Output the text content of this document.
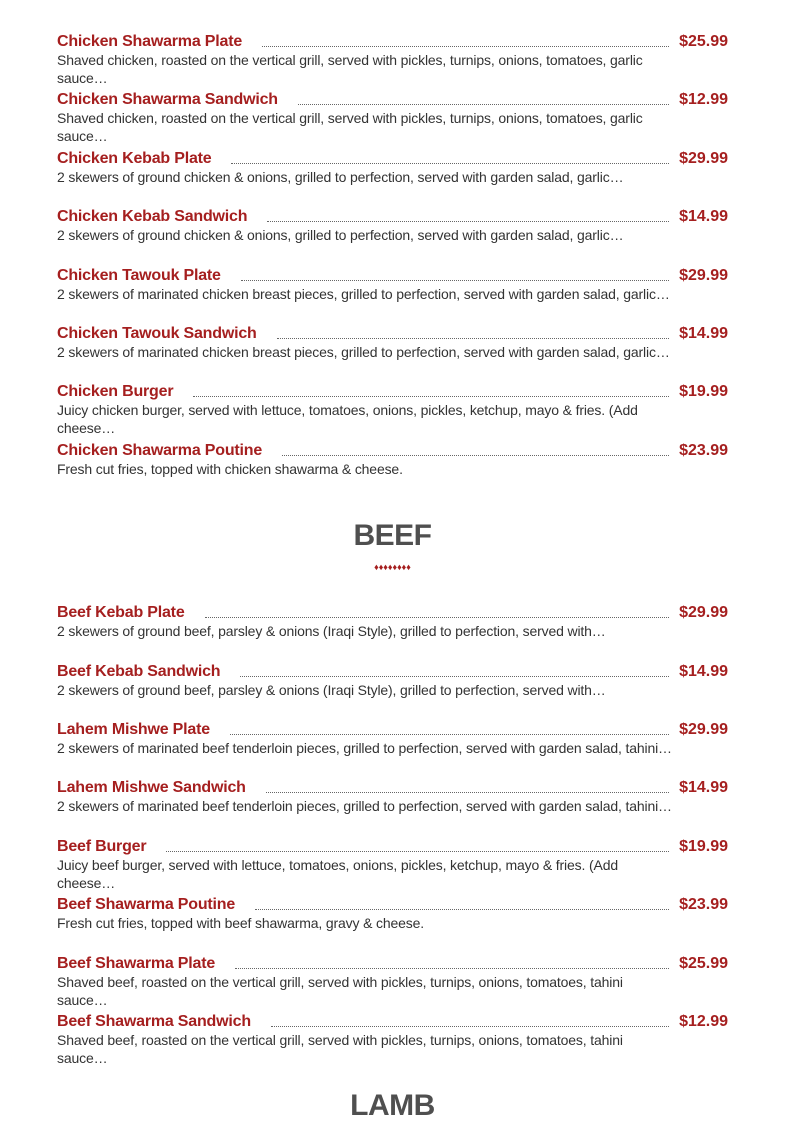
Chicken Shawarma Plate	$25.99
Shaved chicken, roasted on the vertical grill, served with pickles, turnips, onions, tomatoes, garlic sauce…
Chicken Shawarma Sandwich	$12.99
Shaved chicken, roasted on the vertical grill, served with pickles, turnips, onions, tomatoes, garlic sauce…
Chicken Kebab Plate	$29.99
2 skewers of ground chicken & onions, grilled to perfection, served with garden salad, garlic…
Chicken Kebab Sandwich	$14.99
2 skewers of ground chicken & onions, grilled to perfection, served with garden salad, garlic…
Chicken Tawouk Plate	$29.99
2 skewers of marinated chicken breast pieces, grilled to perfection, served with garden salad, garlic…
Chicken Tawouk Sandwich	$14.99
2 skewers of marinated chicken breast pieces, grilled to perfection, served with garden salad, garlic…
Chicken Burger	$19.99
Juicy chicken burger, served with lettuce, tomatoes, onions, pickles, ketchup, mayo & fries. (Add cheese…
Chicken Shawarma Poutine	$23.99
Fresh cut fries, topped with chicken shawarma & cheese.
BEEF
♦♦♦♦♦♦♦♦
Beef Kebab Plate	$29.99
2 skewers of ground beef, parsley & onions (Iraqi Style), grilled to perfection, served with…
Beef Kebab Sandwich	$14.99
2 skewers of ground beef, parsley & onions (Iraqi Style), grilled to perfection, served with…
Lahem Mishwe Plate	$29.99
2 skewers of marinated beef tenderloin pieces, grilled to perfection, served with garden salad, tahini…
Lahem Mishwe Sandwich	$14.99
2 skewers of marinated beef tenderloin pieces, grilled to perfection, served with garden salad, tahini…
Beef Burger	$19.99
Juicy beef burger, served with lettuce, tomatoes, onions, pickles, ketchup, mayo & fries. (Add cheese…
Beef Shawarma Poutine	$23.99
Fresh cut fries, topped with beef shawarma, gravy & cheese.
Beef Shawarma Plate	$25.99
Shaved beef, roasted on the vertical grill, served with pickles, turnips, onions, tomatoes, tahini sauce…
Beef Shawarma Sandwich	$12.99
Shaved beef, roasted on the vertical grill, served with pickles, turnips, onions, tomatoes, tahini sauce…
LAMB
